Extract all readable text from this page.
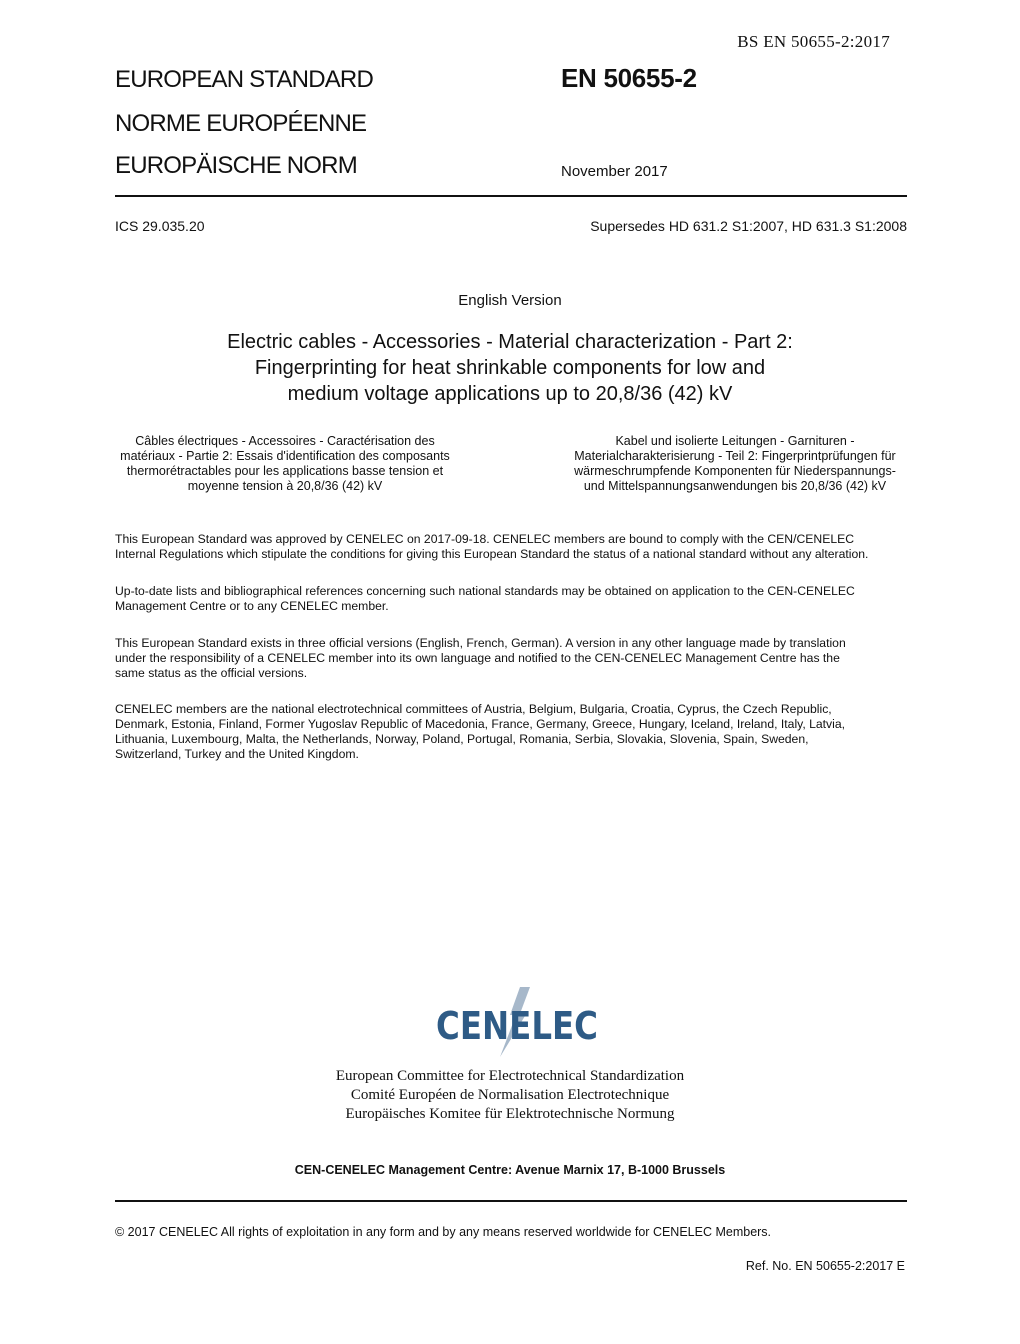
BS EN 50655-2:2017
EUROPEAN STANDARD
NORME EUROPÉENNE
EUROPÄISCHE NORM
EN 50655-2
November 2017
ICS 29.035.20	Supersedes HD 631.2 S1:2007, HD 631.3 S1:2008
English Version
Electric cables - Accessories - Material characterization - Part 2:
Fingerprinting for heat shrinkable components for low and
medium voltage applications up to 20,8/36 (42) kV
Câbles électriques - Accessoires - Caractérisation des
matériaux - Partie 2: Essais d'identification des composants
thermorétractables pour les applications basse tension et
moyenne tension à 20,8/36 (42) kV
Kabel und isolierte Leitungen - Garnituren -
Materialcharakterisierung - Teil 2: Fingerprintprüfungen für
wärmeschrumpfende Komponenten für Niederspannungs-
und Mittelspannungsanwendungen bis 20,8/36 (42) kV
This European Standard was approved by CENELEC on 2017-09-18. CENELEC members are bound to comply with the CEN/CENELEC
Internal Regulations which stipulate the conditions for giving this European Standard the status of a national standard without any alteration.
Up-to-date lists and bibliographical references concerning such national standards may be obtained on application to the CEN-CENELEC
Management Centre or to any CENELEC member.
This European Standard exists in three official versions (English, French, German). A version in any other language made by translation
under the responsibility of a CENELEC member into its own language and notified to the CEN-CENELEC Management Centre has the
same status as the official versions.
CENELEC members are the national electrotechnical committees of Austria, Belgium, Bulgaria, Croatia, Cyprus, the Czech Republic,
Denmark, Estonia, Finland, Former Yugoslav Republic of Macedonia, France, Germany, Greece, Hungary, Iceland, Ireland, Italy, Latvia,
Lithuania, Luxembourg, Malta, the Netherlands, Norway, Poland, Portugal, Romania, Serbia, Slovakia, Slovenia, Spain, Sweden,
Switzerland, Turkey and the United Kingdom.
CENELEC
European Committee for Electrotechnical Standardization
Comité Européen de Normalisation Electrotechnique
Europäisches Komitee für Elektrotechnische Normung
CEN-CENELEC Management Centre: Avenue Marnix 17, B-1000 Brussels
© 2017 CENELEC All rights of exploitation in any form and by any means reserved worldwide for CENELEC Members.
Ref. No. EN 50655-2:2017 E
